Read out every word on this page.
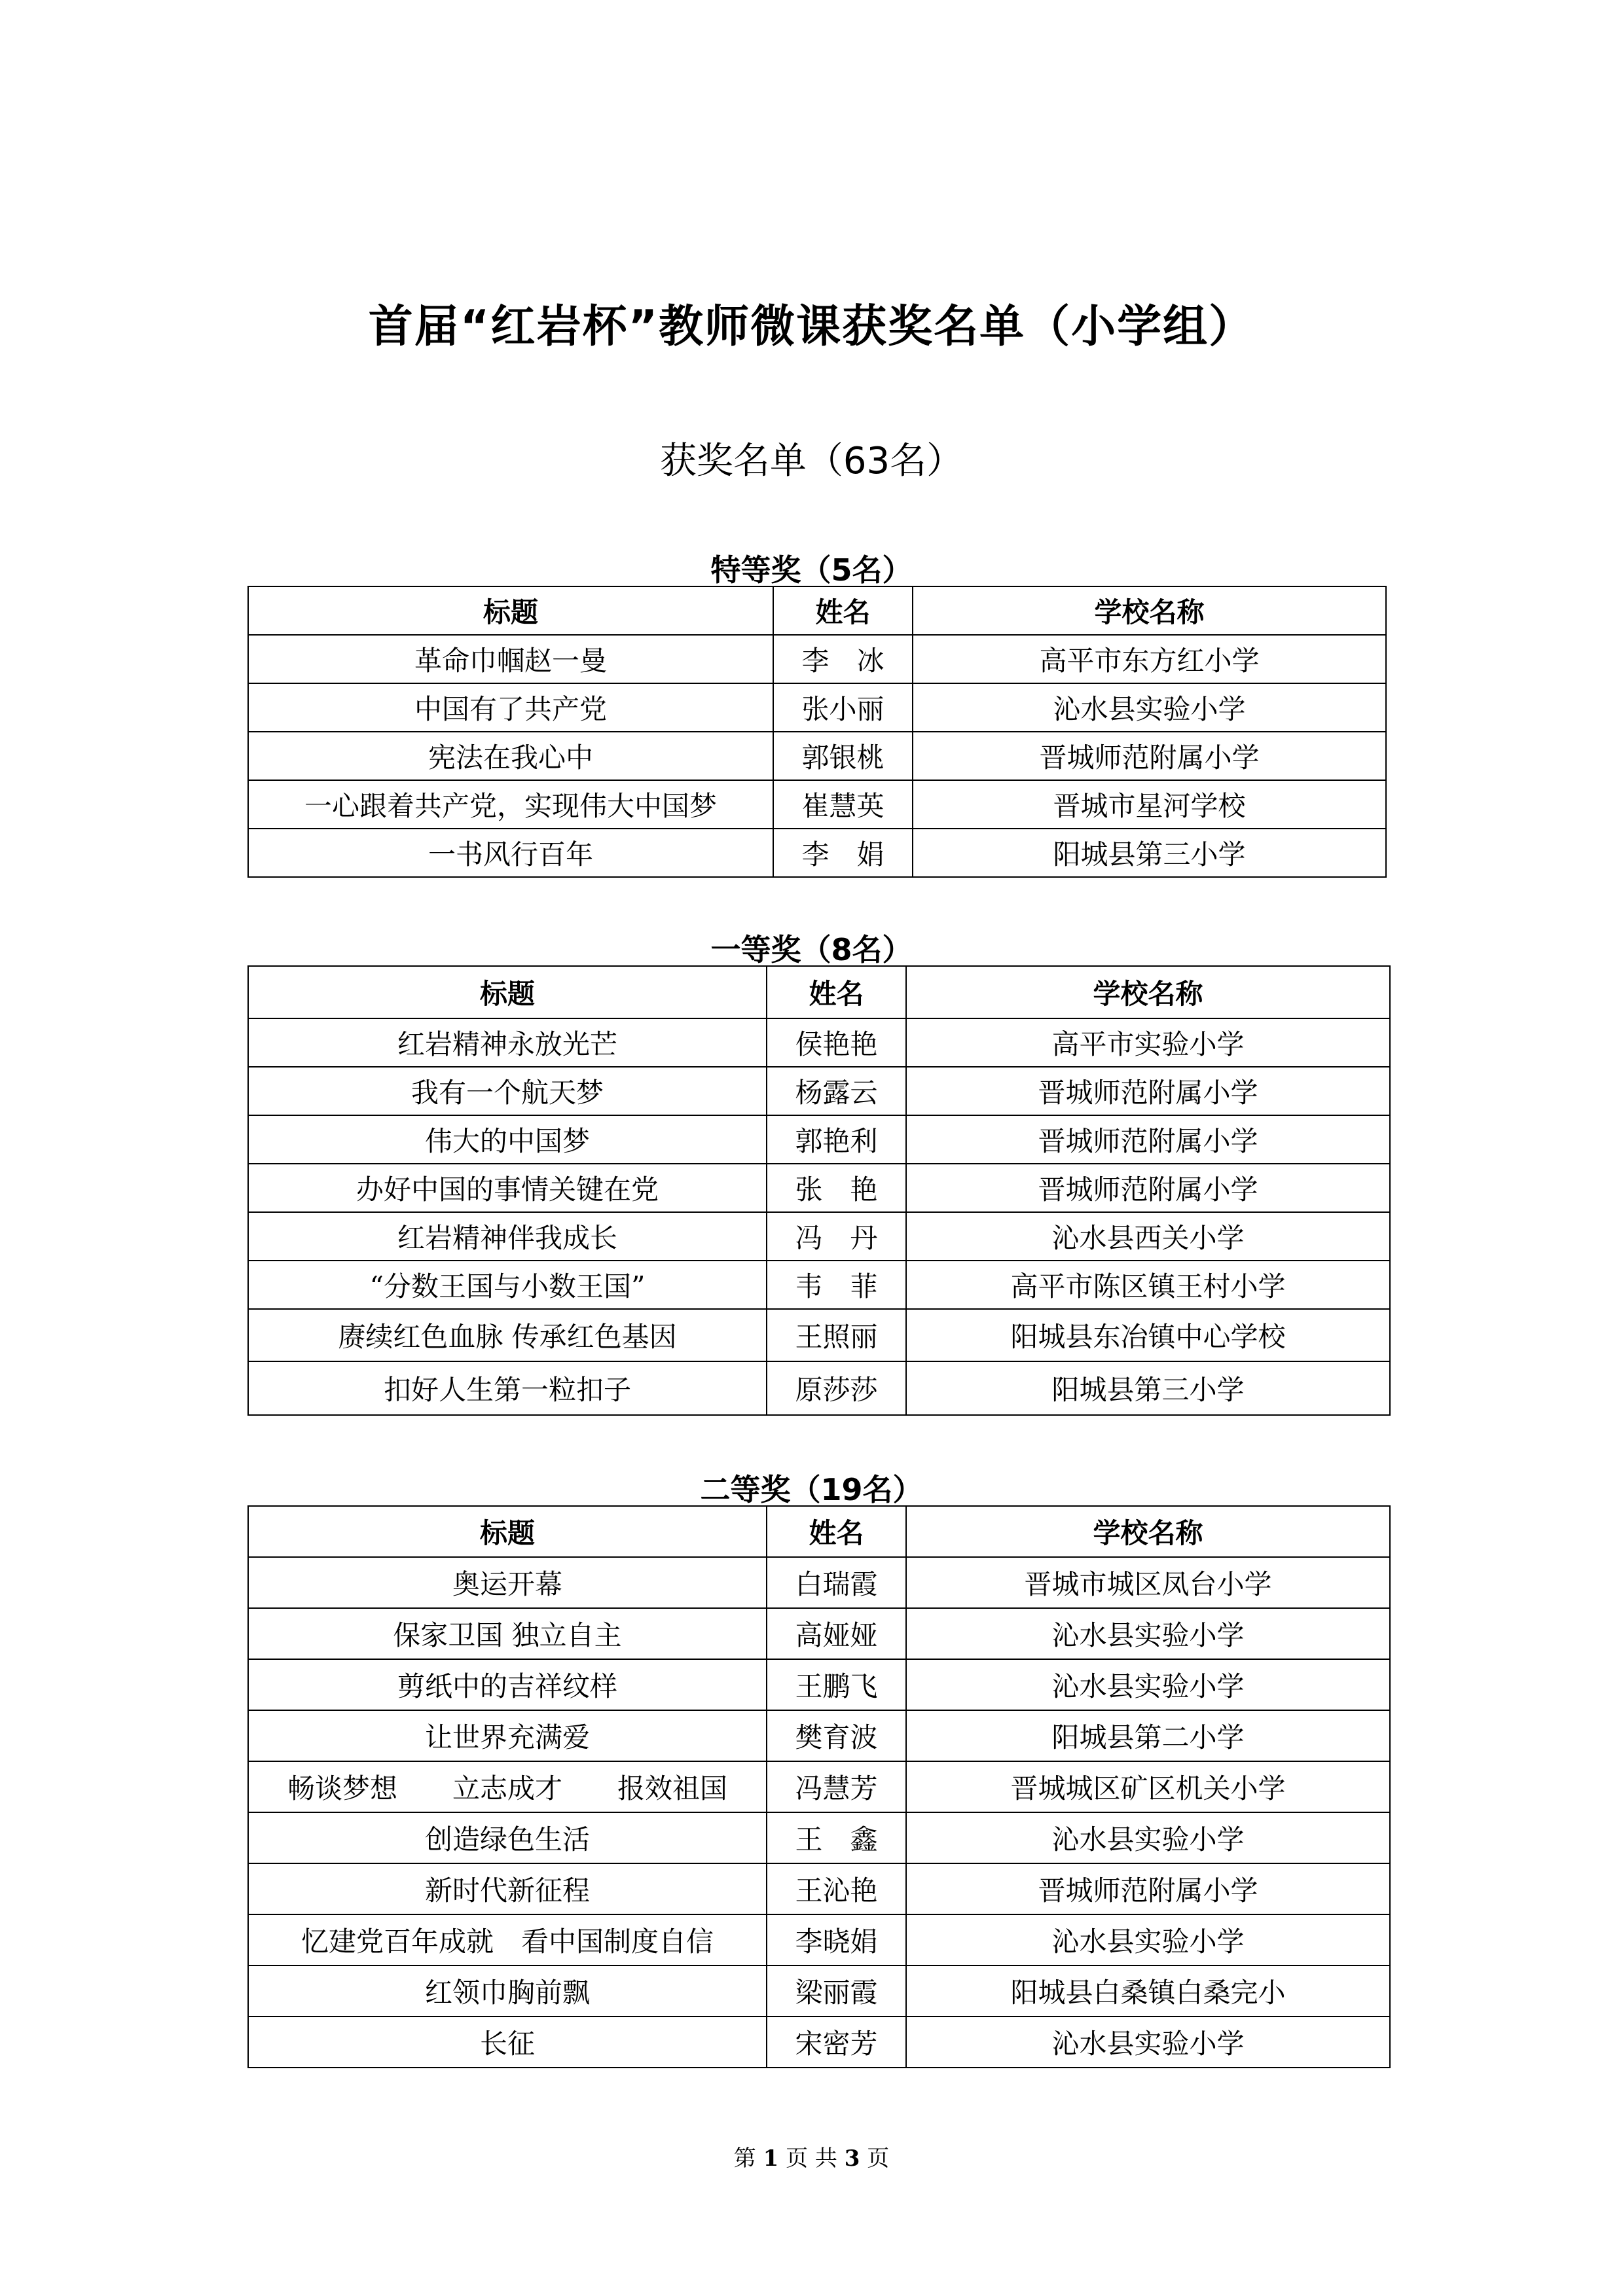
首届“红岩杯”教师微课获奖名单（小学组）
获奖名单（63名）
特等奖（5名）
标题	姓名	学校名称
革命巾帼赵一曼	李　冰	高平市东方红小学
中国有了共产党	张小丽	沁水县实验小学
宪法在我心中	郭银桃	晋城师范附属小学
一心跟着共产党，实现伟大中国梦	崔慧英	晋城市星河学校
一书风行百年	李　娟	阳城县第三小学
一等奖（8名）
标题	姓名	学校名称
红岩精神永放光芒	侯艳艳	高平市实验小学
我有一个航天梦	杨露云	晋城师范附属小学
伟大的中国梦	郭艳利	晋城师范附属小学
办好中国的事情关键在党	张　艳	晋城师范附属小学
红岩精神伴我成长	冯　丹	沁水县西关小学
“分数王国与小数王国”	韦　菲	高平市陈区镇王村小学
赓续红色血脉 传承红色基因	王照丽	阳城县东冶镇中心学校
扣好人生第一粒扣子	原莎莎	阳城县第三小学
二等奖（19名）
标题	姓名	学校名称
奥运开幕	白瑞霞	晋城市城区凤台小学
保家卫国 独立自主	高娅娅	沁水县实验小学
剪纸中的吉祥纹样	王鹏飞	沁水县实验小学
让世界充满爱	樊育波	阳城县第二小学
畅谈梦想　　立志成才　　报效祖国	冯慧芳	晋城城区矿区机关小学
创造绿色生活	王　鑫	沁水县实验小学
新时代新征程	王沁艳	晋城师范附属小学
忆建党百年成就　看中国制度自信	李晓娟	沁水县实验小学
红领巾胸前飘	梁丽霞	阳城县白桑镇白桑完小
长征	宋密芳	沁水县实验小学
第 1 页 共 3 页
